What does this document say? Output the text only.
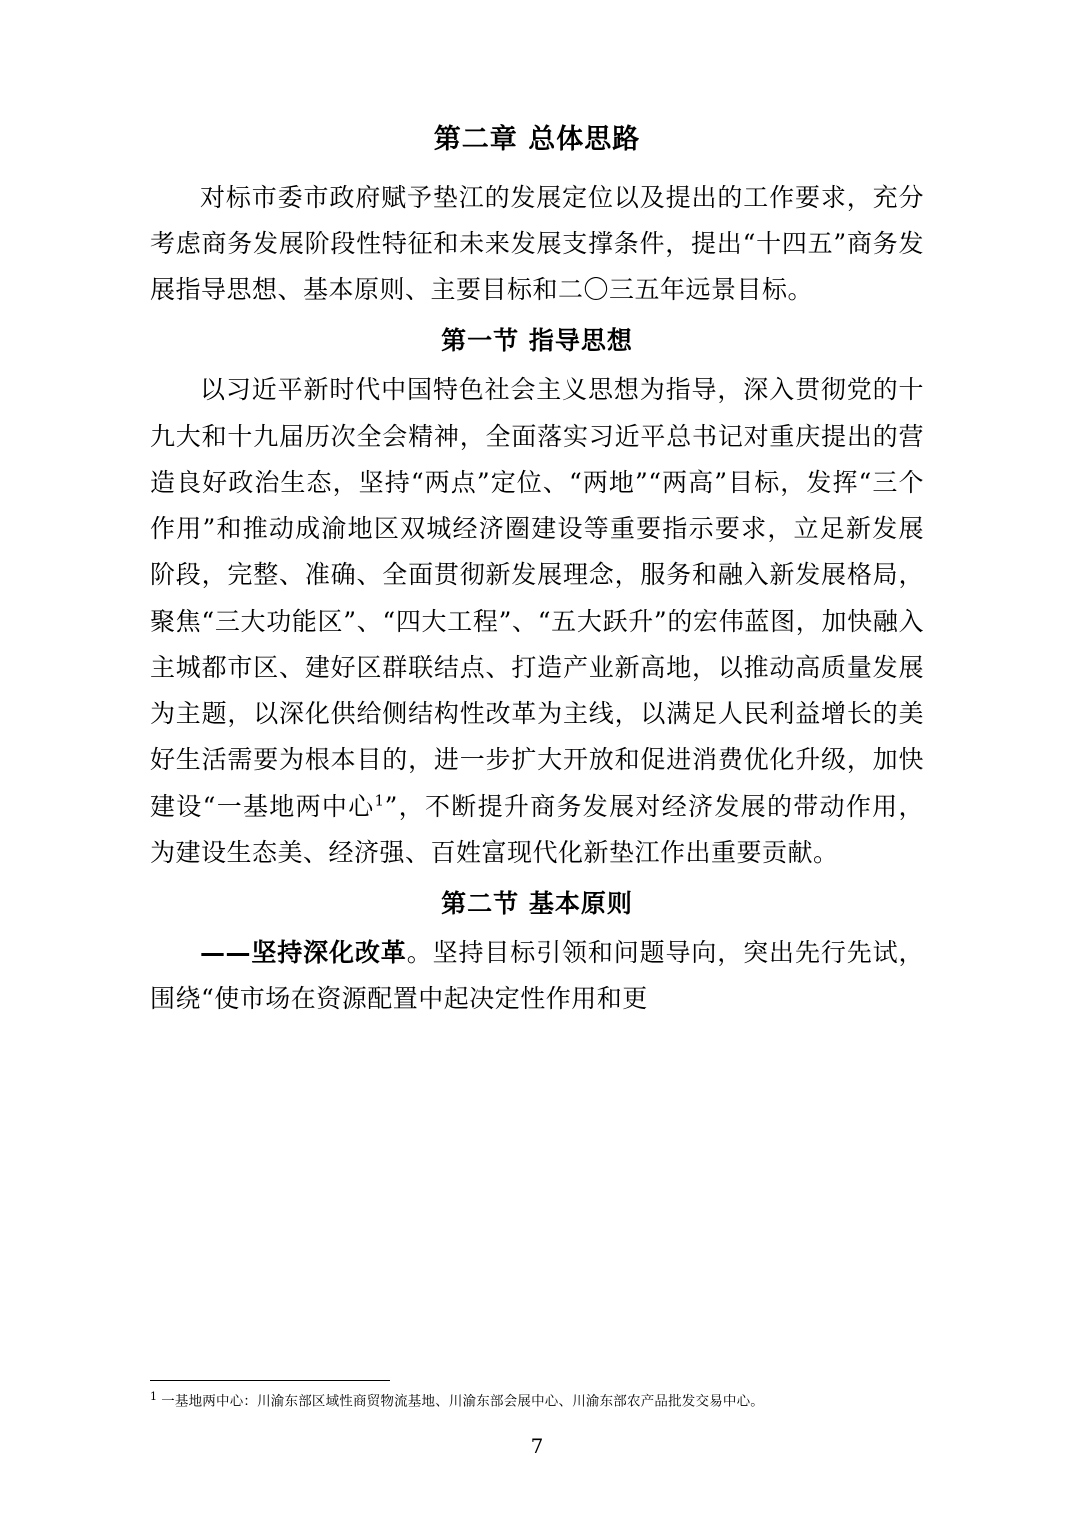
第二章 总体思路

对标市委市政府赋予垫江的发展定位以及提出的工作要求，充分考虑商务发展阶段性特征和未来发展支撑条件，提出“十四五”商务发展指导思想、基本原则、主要目标和二〇三五年远景目标。

第一节 指导思想

以习近平新时代中国特色社会主义思想为指导，深入贯彻党的十九大和十九届历次全会精神，全面落实习近平总书记对重庆提出的营造良好政治生态，坚持“两点”定位、“两地”“两高”目标，发挥“三个作用”和推动成渝地区双城经济圈建设等重要指示要求，立足新发展阶段，完整、准确、全面贯彻新发展理念，服务和融入新发展格局，聚焦“三大功能区”、“四大工程”、“五大跃升”的宏伟蓝图，加快融入主城都市区、建好区群联结点、打造产业新高地，以推动高质量发展为主题，以深化供给侧结构性改革为主线，以满足人民利益增长的美好生活需要为根本目的，进一步扩大开放和促进消费优化升级，加快建设“一基地两中心$^1$”，不断提升商务发展对经济发展的带动作用，为建设生态美、经济强、百姓富现代化新垫江作出重要贡献。

第二节 基本原则

——坚持深化改革。坚持目标引领和问题导向，突出先行先试，围绕“使市场在资源配置中起决定性作用和更

$^1$ 一基地两中心：川渝东部区域性商贸物流基地、川渝东部会展中心、川渝东部农产品批发交易中心。
7
